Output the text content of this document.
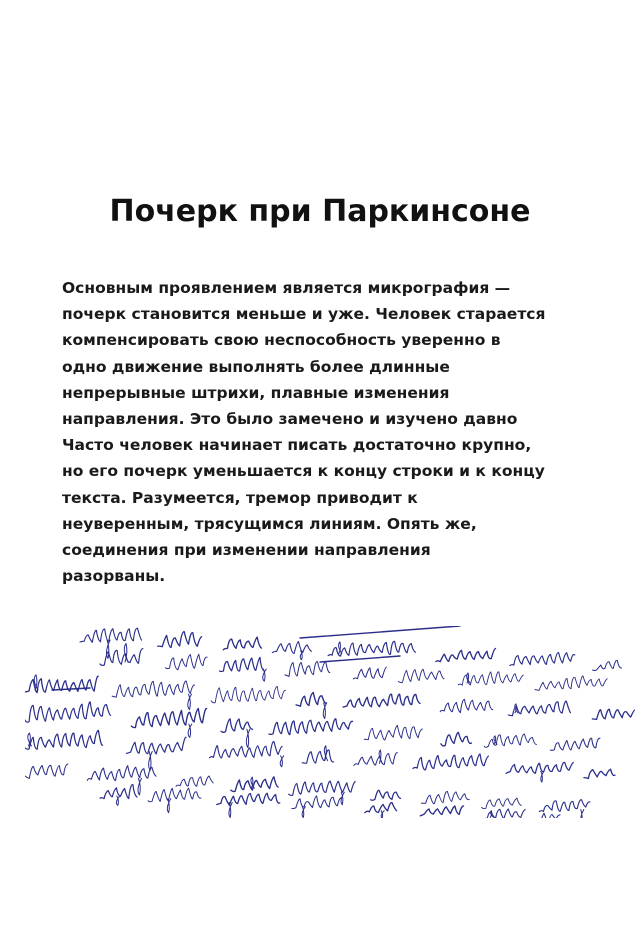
Почерк при Паркинсоне
Основным проявлением является микрография —
почерк становится меньше и уже. Человек старается
компенсировать свою неспособность уверенно в
одно движение выполнять более длинные
непрерывные штрихи, плавные изменения
направления. Это было замечено и изучено давно
Часто человек начинает писать достаточно крупно,
но его почерк уменьшается к концу строки и к концу
текста. Разумеется, тремор приводит к
неуверенным, трясущимся линиям. Опять же,
соединения при изменении направления
разорваны.
